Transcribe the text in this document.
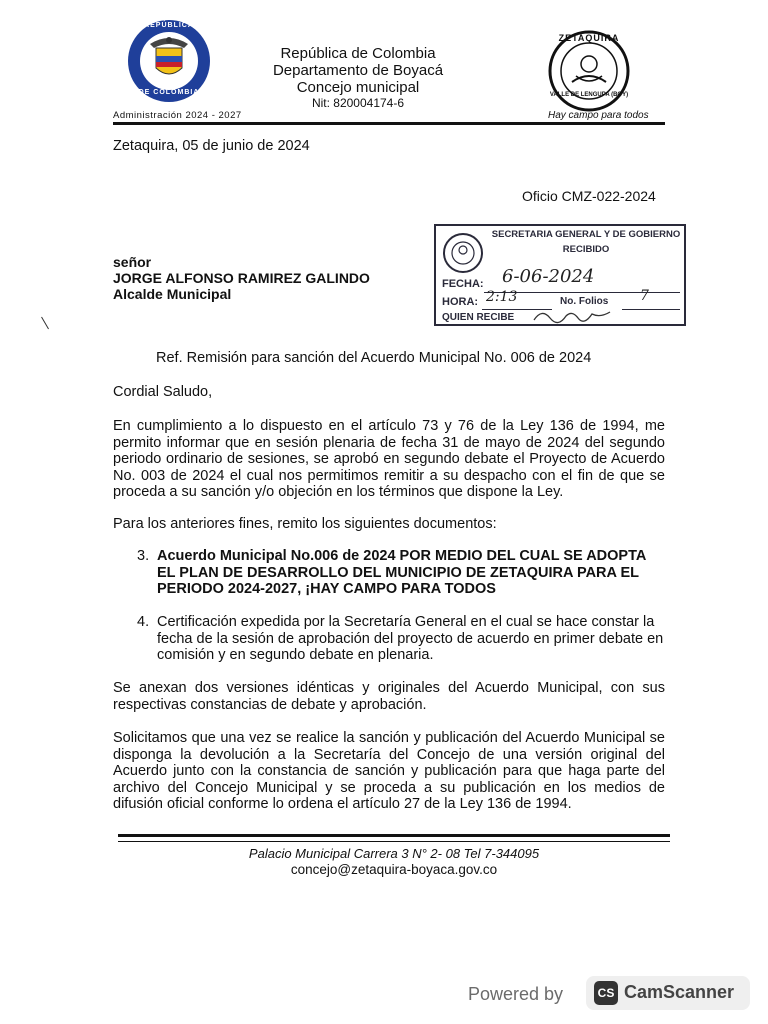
REPÚBLICA
DE COLOMBIA
Administración 2024 - 2027
República de Colombia
Departamento de Boyacá
Concejo municipal
Nit: 820004174-6
ZETAQUIRA
VALLE DE LENGUPA (BOY)
Hay campo para todos
Zetaquira, 05 de junio de 2024
Oficio CMZ-022-2024
señor
JORGE ALFONSO RAMIREZ GALINDO
Alcalde Municipal
SECRETARIA GENERAL Y DE GOBIERNO
RECIBIDO
FECHA: 6-06-2024
HORA: 2:13	No. Folios 7
QUIEN RECIBE
Ref. Remisión para sanción del Acuerdo Municipal No. 006 de 2024
Cordial Saludo,
En cumplimiento a lo dispuesto en el artículo 73 y 76 de la Ley 136 de 1994, me permito informar que en sesión plenaria de fecha 31 de mayo de 2024 del segundo periodo ordinario de sesiones, se aprobó en segundo debate el Proyecto de Acuerdo No. 003 de 2024 el cual nos permitimos remitir a su despacho con el fin de que se proceda a su sanción y/o objeción en los términos que dispone la Ley.
Para los anteriores fines, remito los siguientes documentos:
3. Acuerdo Municipal No.006 de 2024 POR MEDIO DEL CUAL SE ADOPTA EL PLAN DE DESARROLLO DEL MUNICIPIO DE ZETAQUIRA PARA EL PERIODO 2024-2027, ¡HAY CAMPO PARA TODOS
4. Certificación expedida por la Secretaría General en el cual se hace constar la fecha de la sesión de aprobación del proyecto de acuerdo en primer debate en comisión y en segundo debate en plenaria.
Se anexan dos versiones idénticas y originales del Acuerdo Municipal, con sus respectivas constancias de debate y aprobación.
Solicitamos que una vez se realice la sanción y publicación del Acuerdo Municipal se disponga la devolución a la Secretaría del Concejo de una versión original del Acuerdo junto con la constancia de sanción y publicación para que haga parte del archivo del Concejo Municipal y se proceda a su publicación en los medios de difusión oficial conforme lo ordena el artículo 27 de la Ley 136 de 1994.
Palacio Municipal Carrera 3 N° 2- 08 Tel 7-344095
concejo@zetaquira-boyaca.gov.co
Powered by	CS CamScanner
